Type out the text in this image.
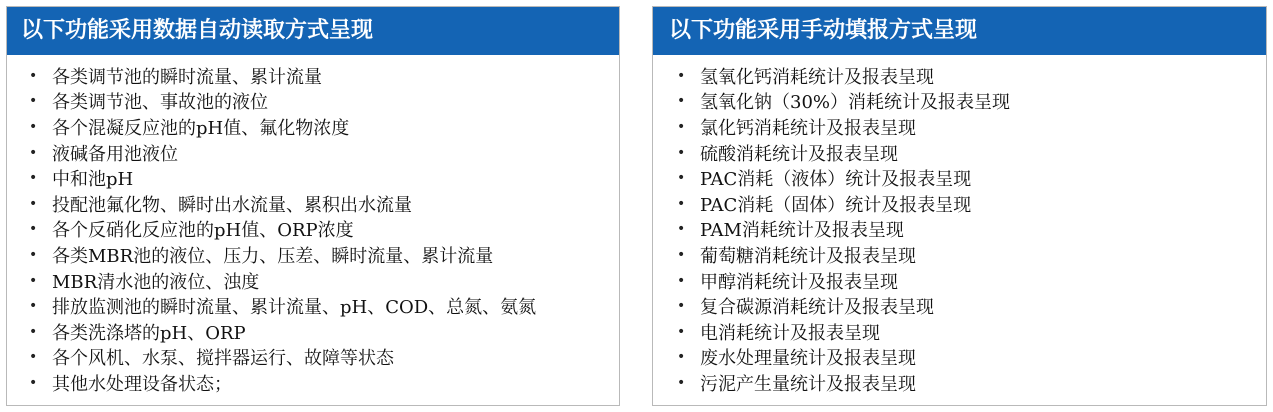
以下功能采用数据自动读取方式呈现
• 各类调节池的瞬时流量、累计流量
• 各类调节池、事故池的液位
• 各个混凝反应池的pH值、氟化物浓度
• 液碱备用池液位
• 中和池pH
• 投配池氟化物、瞬时出水流量、累积出水流量
• 各个反硝化反应池的pH值、ORP浓度
• 各类MBR池的液位、压力、压差、瞬时流量、累计流量
• MBR清水池的液位、浊度
• 排放监测池的瞬时流量、累计流量、pH、COD、总氮、氨氮
• 各类洗涤塔的pH、ORP
• 各个风机、水泵、搅拌器运行、故障等状态
• 其他水处理设备状态；
以下功能采用手动填报方式呈现
• 氢氧化钙消耗统计及报表呈现
• 氢氧化钠（30%）消耗统计及报表呈现
• 氯化钙消耗统计及报表呈现
• 硫酸消耗统计及报表呈现
• PAC消耗（液体）统计及报表呈现
• PAC消耗（固体）统计及报表呈现
• PAM消耗统计及报表呈现
• 葡萄糖消耗统计及报表呈现
• 甲醇消耗统计及报表呈现
• 复合碳源消耗统计及报表呈现
• 电消耗统计及报表呈现
• 废水处理量统计及报表呈现
• 污泥产生量统计及报表呈现
